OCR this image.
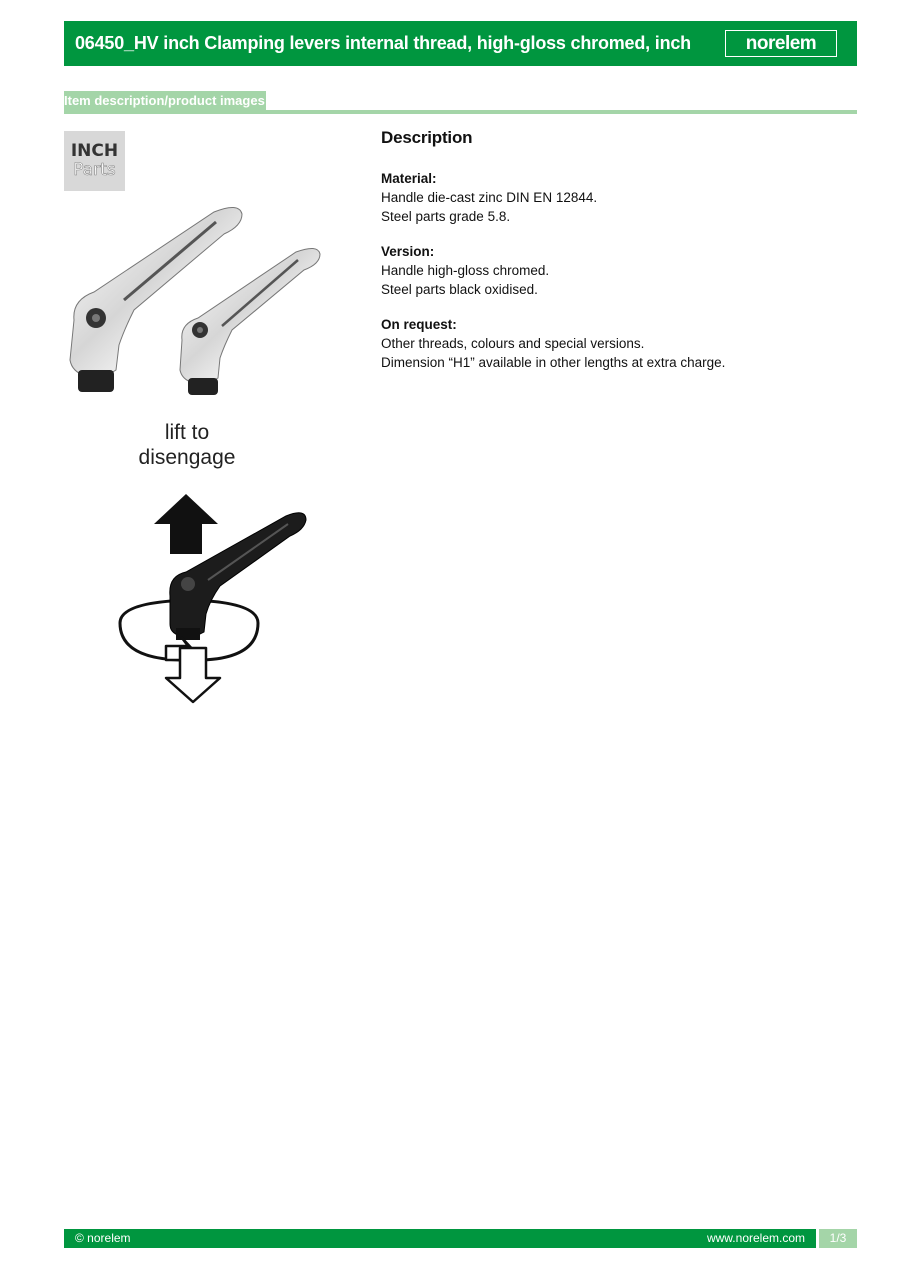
06450_HV inch Clamping levers internal thread, high-gloss chromed, inch	norelem
Item description/product images
INCH
Parts
lift to
disengage
Description
Material:
Handle die-cast zinc DIN EN 12844.
Steel parts grade 5.8.
Version:
Handle high-gloss chromed.
Steel parts black oxidised.
On request:
Other threads, colours and special versions.
Dimension “H1” available in other lengths at extra charge.
© norelem	www.norelem.com	1/3
